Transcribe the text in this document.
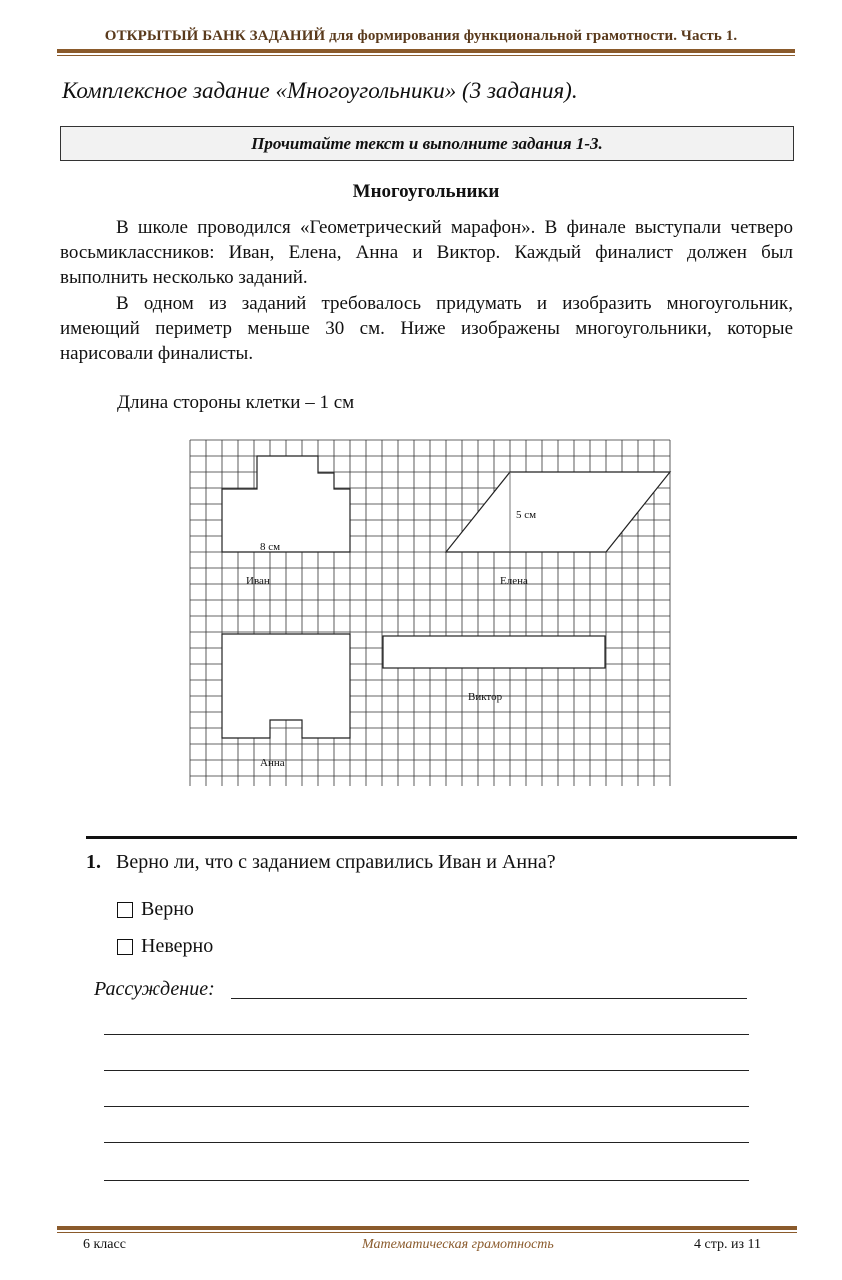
ОТКРЫТЫЙ БАНК ЗАДАНИЙ для формирования функциональной грамотности. Часть 1.
Комплексное задание «Многоугольники» (3 задания).
Прочитайте текст и выполните задания 1-3.
Многоугольники
В школе проводился «Геометрический марафон». В финале выступали четверо восьмиклассников: Иван, Елена, Анна и Виктор. Каждый финалист должен был выполнить несколько заданий.
В одном из заданий требовалось придумать и изобразить многоугольник, имеющий периметр меньше 30 см. Ниже изображены многоугольники, которые нарисовали финалисты.
Длина стороны клетки – 1 см
8 см
Иван
5 см
Елена
Виктор
Анна
1. Верно ли, что с заданием справились Иван и Анна?
Верно
Неверно
Рассуждение:
6 класс	Математическая грамотность	4 стр. из 11
